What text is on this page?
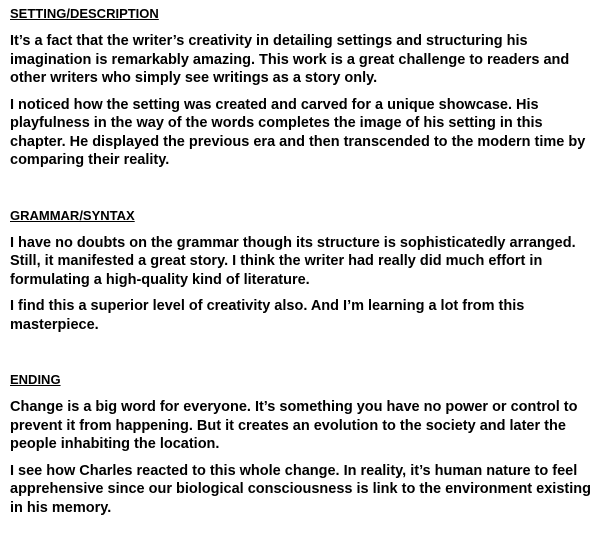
SETTING/DESCRIPTION

It’s a fact that the writer’s creativity in detailing settings and structuring his imagination is remarkably amazing. This work is a great challenge to readers and other writers who simply see writings as a story only.

I noticed how the setting was created and carved for a unique showcase. His playfulness in the way of the words completes the image of his setting in this chapter. He displayed the previous era and then transcended to the modern time by comparing their reality.

GRAMMAR/SYNTAX

I have no doubts on the grammar though its structure is sophisticatedly arranged. Still, it manifested a great story. I think the writer had really did much effort in formulating a high-quality kind of literature.

I find this a superior level of creativity also. And I’m learning a lot from this masterpiece.

ENDING

Change is a big word for everyone. It’s something you have no power or control to prevent it from happening. But it creates an evolution to the society and later the people inhabiting the location.

I see how Charles reacted to this whole change. In reality, it’s human nature to feel apprehensive since our biological consciousness is link to the environment existing in his memory.
